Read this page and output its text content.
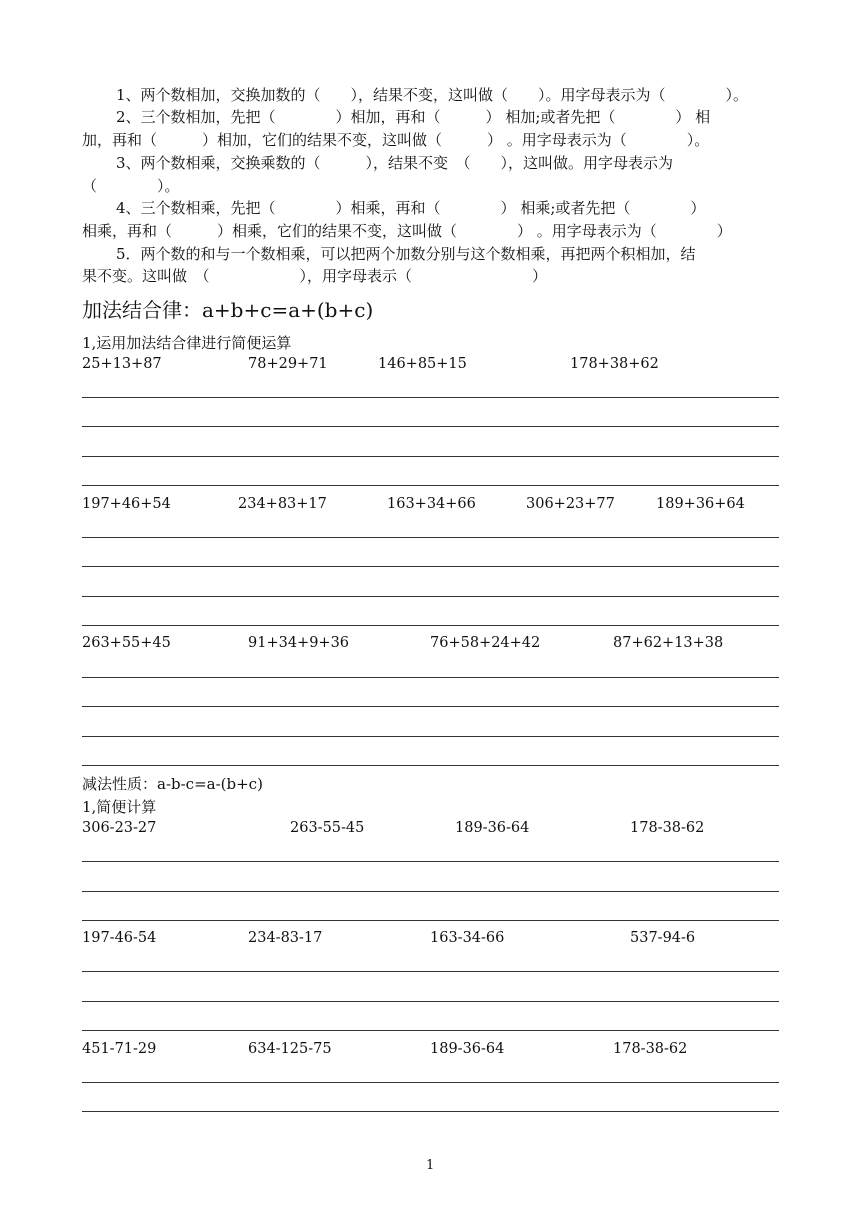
1、两个数相加，交换加数的（　　），结果不变，这叫做（　　）。用字母表示为（　　　　）。
2、三个数相加，先把（　　　　）相加，再和（　　　） 相加;或者先把（　　　　） 相
加，再和（　　　）相加，它们的结果不变，这叫做（　　　） 。用字母表示为（　　　　）。
3、两个数相乘，交换乘数的（　　　），结果不变　（　　），这叫做。用字母表示为
（　　　　）。
4、三个数相乘，先把（　　　　）相乘，再和（　　　　） 相乘;或者先把（　　　　）
相乘，再和（　　　）相乘，它们的结果不变，这叫做（　　　　） 。用字母表示为（　　　　）
5．两个数的和与一个数相乘，可以把两个加数分别与这个数相乘，再把两个积相加，结
果不变。这叫做　（　　　　　　），用字母表示（　　　　　　　　）
加法结合律：a+b+c=a+(b+c)
1,运用加法结合律进行简便运算
25+13+87	78+29+71	146+85+15	178+38+62
197+46+54	234+83+17	163+34+66	306+23+77	189+36+64
263+55+45	91+34+9+36	76+58+24+42	87+62+13+38
减法性质：a-b-c=a-(b+c)
1,简便计算
306-23-27	263-55-45	189-36-64	178-38-62
197-46-54	234-83-17	163-34-66	537-94-6
451-71-29	634-125-75	189-36-64	178-38-62
1
